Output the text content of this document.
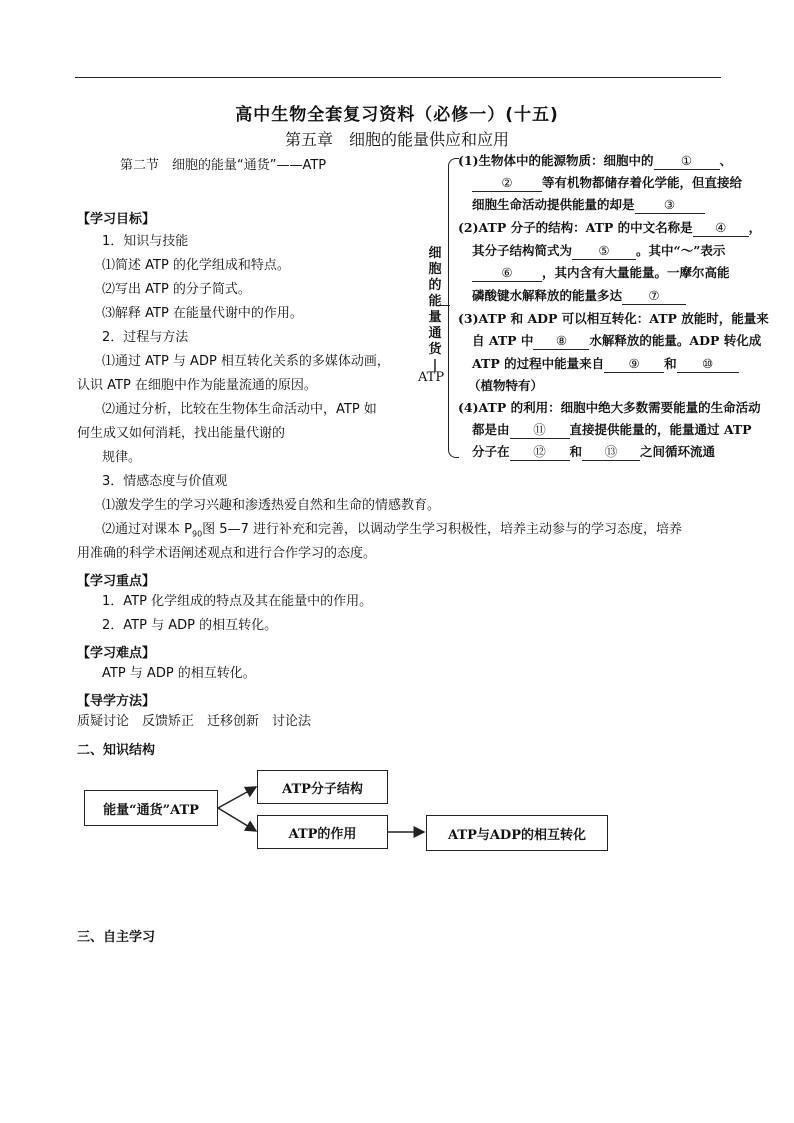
高中生物全套复习资料（必修一）(十五)
第五章　细胞的能量供应和应用
第二节　细胞的能量“通货”——ATP
【学习目标】
1．知识与技能
⑴简述 ATP 的化学组成和特点。
⑵写出 ATP 的分子简式。
⑶解释 ATP 在能量代谢中的作用。
2．过程与方法
⑴通过 ATP 与 ADP 相互转化关系的多媒体动画，
认识 ATP 在细胞中作为能量流通的原因。
⑵通过分析，比较在生物体生命活动中，ATP 如
何生成又如何消耗，找出能量代谢的
规律。
3．情感态度与价值观
⑴激发学生的学习兴趣和渗透热爱自然和生命的情感教育。
⑵通过对课本 $P_{90}$图 5—7 进行补充和完善，以调动学生学习积极性，培养主动参与的学习态度，培养
用准确的科学术语阐述观点和进行合作学习的态度。
【学习重点】
1．ATP 化学组成的特点及其在能量中的作用。
2．ATP 与 ADP 的相互转化。
【学习难点】
ATP 与 ADP 的相互转化。
【导学方法】
质疑讨论　反馈矫正　迁移创新　讨论法
二、知识结构
能量“通货”ATP
ATP分子结构
ATP的作用	ATP与ADP的相互转化
三、自主学习
细
胞
的
能
量
通
货
|
ATP
(1)生物体中的能源物质：细胞中的 ① 、
② 等有机物都储存着化学能，但直接给
细胞生命活动提供能量的却是 ③
(2)ATP 分子的结构：ATP 的中文名称是 ④ ，
其分子结构简式为 ⑤ 。其中“～”表示
⑥ ，其内含有大量能量。一摩尔高能
磷酸键水解释放的能量多达 ⑦
(3)ATP 和 ADP 可以相互转化：ATP 放能时，能量来
自 ATP 中 ⑧ 水解释放的能量。ADP 转化成
ATP 的过程中能量来自 ⑨ 和 ⑩
（植物特有）
(4)ATP 的利用：细胞中绝大多数需要能量的生命活动
都是由 ⑪ 直接提供能量的，能量通过 ATP
分子在 ⑫ 和 ⑬ 之间循环流通
